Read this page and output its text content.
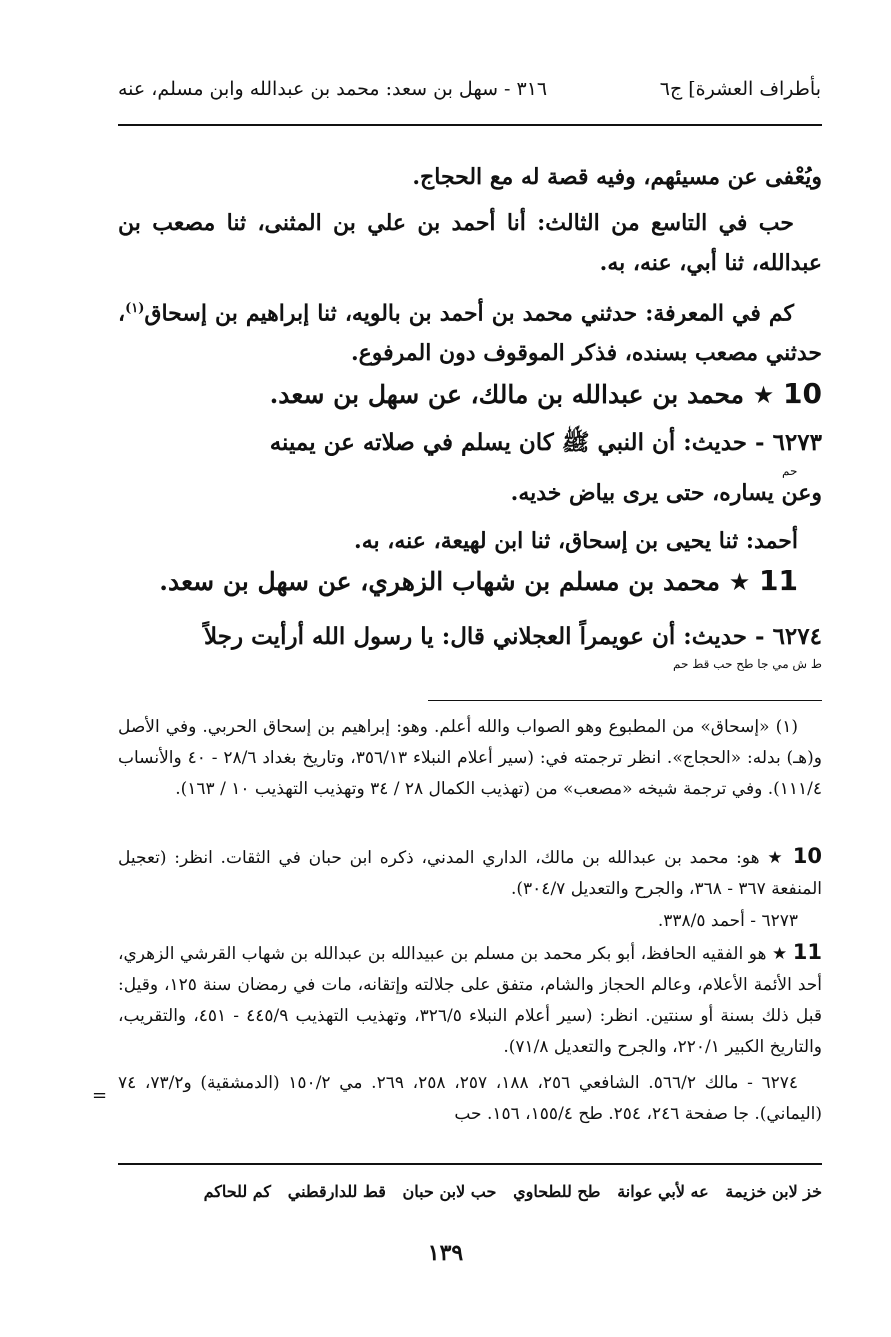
بأطراف العشرة] ج٦
٣١٦ - سهل بن سعد: محمد بن عبدالله وابن مسلم، عنه
ويُعْفى عن مسيئهم، وفيه قصة له مع الحجاج.
حب في التاسع من الثالث: أنا أحمد بن علي بن المثنى، ثنا مصعب بن عبدالله، ثنا أبي، عنه، به.
كم في المعرفة: حدثني محمد بن أحمد بن بالويه، ثنا إبراهيم بن إسحاق$^{(١)}$، حدثني مصعب بسنده، فذكر الموقوف دون المرفوع.
10 ★ محمد بن عبدالله بن مالك، عن سهل بن سعد.
٦٢٧٣ - حديث: أن النبي ﷺ كان يسلم في صلاته عن يمينه
حم
وعن يساره، حتى يرى بياض خديه.
أحمد: ثنا يحيى بن إسحاق، ثنا ابن لهيعة، عنه، به.
11 ★ محمد بن مسلم بن شهاب الزهري، عن سهل بن سعد.
٦٢٧٤ - حديث: أن عويمراً العجلاني قال: يا رسول الله أرأيت رجلاً
ط ش مي جا طح حب قط حم
(١) «إسحاق» من المطبوع وهو الصواب والله أعلم. وهو: إبراهيم بن إسحاق الحربي. وفي الأصل و(هـ) بدله: «الحجاج». انظر ترجمته في: (سير أعلام النبلاء ٣٥٦/١٣، وتاريخ بغداد ٢٨/٦ - ٤٠ والأنساب ١١١/٤). وفي ترجمة شيخه «مصعب» من (تهذيب الكمال ٢٨ / ٣٤ وتهذيب التهذيب ١٠ / ١٦٣).
10 ★ هو: محمد بن عبدالله بن مالك، الداري المدني، ذكره ابن حبان في الثقات. انظر: (تعجيل المنفعة ٣٦٧ - ٣٦٨، والجرح والتعديل ٣٠٤/٧).
٦٢٧٣ - أحمد ٣٣٨/٥.
11 ★ هو الفقيه الحافظ، أبو بكر محمد بن مسلم بن عبيدالله بن عبدالله بن شهاب القرشي الزهري، أحد الأئمة الأعلام، وعالم الحجاز والشام، متفق على جلالته وإتقانه، مات في رمضان سنة ١٢٥، وقيل: قبل ذلك بسنة أو سنتين. انظر: (سير أعلام النبلاء ٣٢٦/٥، وتهذيب التهذيب ٤٤٥/٩ - ٤٥١، والتقريب، والتاريخ الكبير ٢٢٠/١، والجرح والتعديل ٧١/٨).
٦٢٧٤ - مالك ٥٦٦/٢. الشافعي ٢٥٦، ١٨٨، ٢٥٧، ٢٥٨، ٢٦٩. مي ١٥٠/٢ (الدمشقية) و٧٣/٢، ٧٤ (اليماني). جا صفحة ٢٤٦، ٢٥٤. طح ١٥٥/٤، ١٥٦. حب
=
خز لابن خزيمة   عه لأبي عوانة   طح للطحاوي   حب لابن حبان   قط للدارقطني   كم للحاكم
١٣٩
